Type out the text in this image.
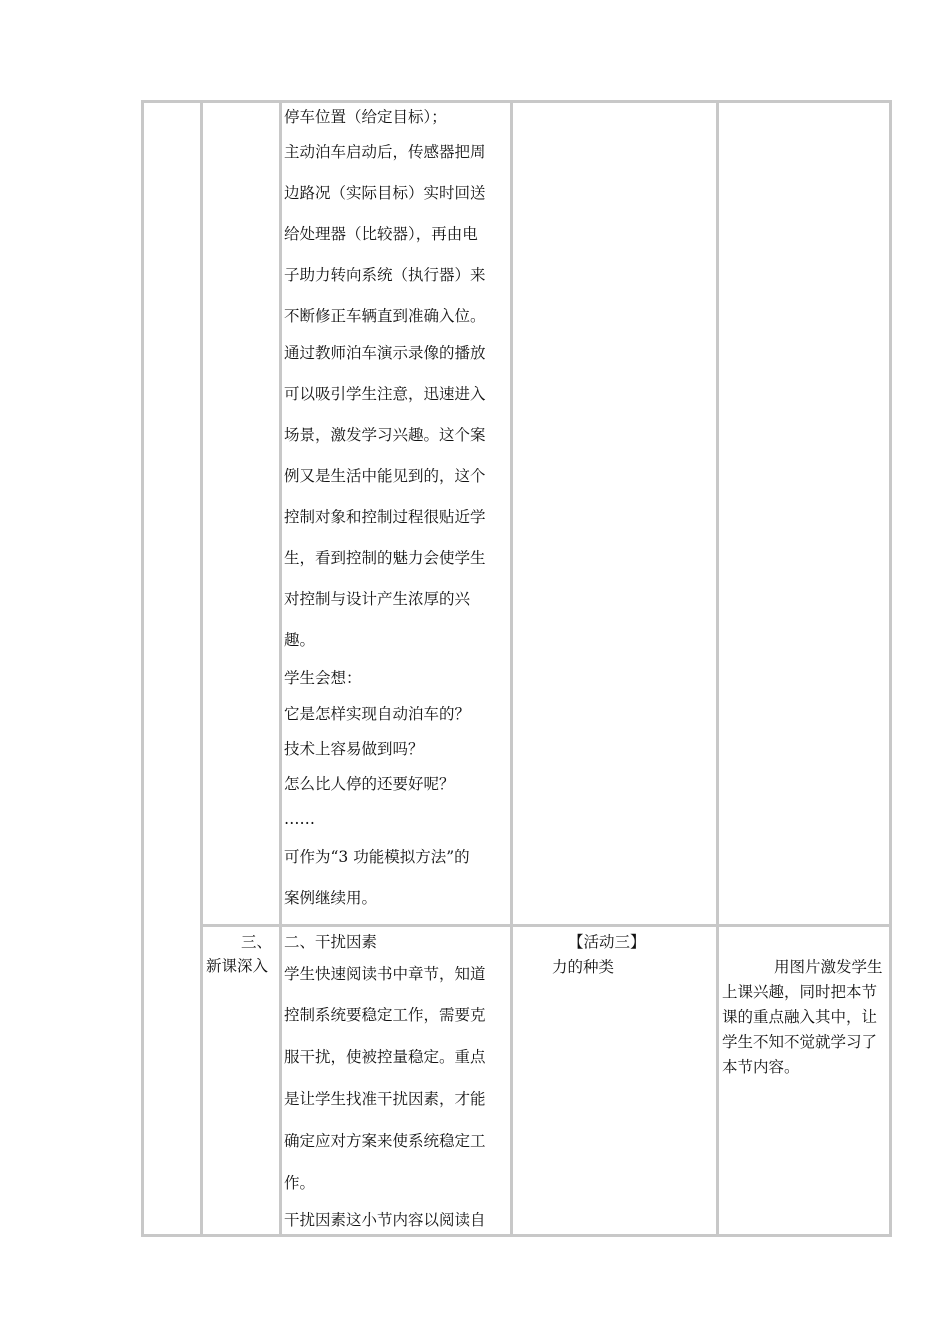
停车位置（给定目标）；
主动泊车启动后，传感器把周
边路况（实际目标）实时回送
给处理器（比较器），再由电
子助力转向系统（执行器）来
不断修正车辆直到准确入位。
通过教师泊车演示录像的播放
可以吸引学生注意，迅速进入
场景，激发学习兴趣。这个案
例又是生活中能见到的，这个
控制对象和控制过程很贴近学
生，看到控制的魅力会使学生
对控制与设计产生浓厚的兴
趣。
学生会想：
它是怎样实现自动泊车的？
技术上容易做到吗？
怎么比人停的还要好呢？
……
可作为“3 功能模拟方法”的
案例继续用。
三、
新课深入
二、干扰因素
学生快速阅读书中章节，知道
控制系统要稳定工作，需要克
服干扰，使被控量稳定。重点
是让学生找准干扰因素，才能
确定应对方案来使系统稳定工
作。
干扰因素这小节内容以阅读自
【活动三】
力的种类	用图片激发学生
上课兴趣，同时把本节
课的重点融入其中，让
学生不知不觉就学习了
本节内容。
